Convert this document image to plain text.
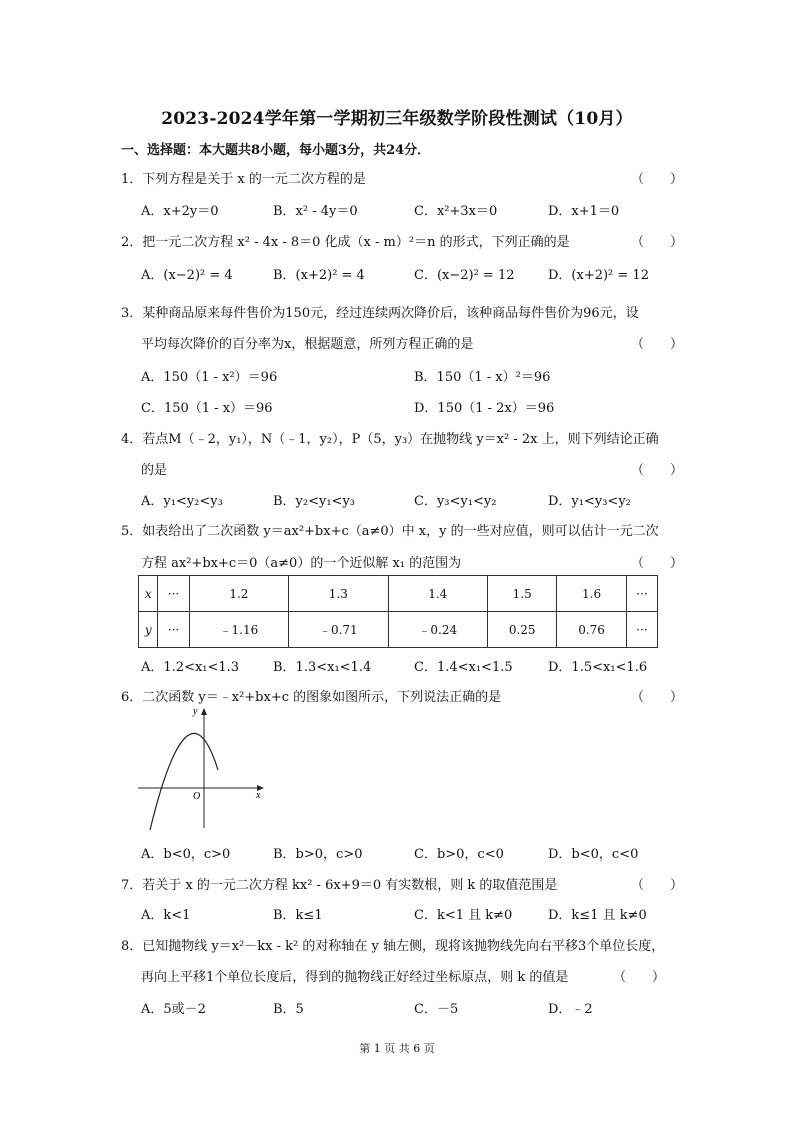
2023-2024学年第一学期初三年级数学阶段性测试（10月）
一、选择题：本大题共8小题，每小题3分，共24分．
1．下列方程是关于 x 的一元二次方程的是	（　　）
A．x+2y＝0	B．x² - 4y＝0	C．x²+3x＝0	D．x+1＝0
2．把一元二次方程 x² - 4x - 8＝0 化成（x - m）²＝n 的形式，下列正确的是	（　　）
A．(x−2)² = 4	B．(x+2)² = 4	C．(x−2)² = 12	D．(x+2)² = 12
3．某种商品原来每件售价为150元，经过连续两次降价后，该种商品每件售价为96元，设
平均每次降价的百分率为x，根据题意，所列方程正确的是	（　　）
A．150（1 - x²）＝96	B．150（1 - x）²＝96
C．150（1 - x）＝96	D．150（1 - 2x）＝96
4．若点M（﹣2，y₁），N（﹣1，y₂），P（5，y₃）在抛物线 y＝x² - 2x 上，则下列结论正确
的是	（　　）
A．y₁<y₂<y₃	B．y₂<y₁<y₃	C．y₃<y₁<y₂	D．y₁<y₃<y₂
5．如表给出了二次函数 y＝ax²+bx+c（a≠0）中 x，y 的一些对应值，则可以估计一元二次
方程 ax²+bx+c＝0（a≠0）的一个近似解 x₁ 的范围为	（　　）
x	···	1.2	1.3	1.4	1.5	1.6	···
y	···	﹣1.16	﹣0.71	﹣0.24	0.25	0.76	···
A．1.2<x₁<1.3	B．1.3<x₁<1.4	C．1.4<x₁<1.5	D．1.5<x₁<1.6
6．二次函数 y＝﹣x²+bx+c 的图象如图所示，下列说法正确的是	（　　）
y
x
O
A．b<0，c>0	B．b>0，c>0	C．b>0，c<0	D．b<0，c<0
7．若关于 x 的一元二次方程 kx² - 6x+9＝0 有实数根，则 k 的取值范围是	（　　）
A．k<1	B．k≤1	C．k<1 且 k≠0	D．k≤1 且 k≠0
8．已知抛物线 y＝x²－kx - k² 的对称轴在 y 轴左侧，现将该抛物线先向右平移3个单位长度，
再向上平移1个单位长度后，得到的抛物线正好经过坐标原点，则 k 的值是	（　　）
A．5或－2	B．5	C．－5	D．﹣2
第 1 页 共 6 页
